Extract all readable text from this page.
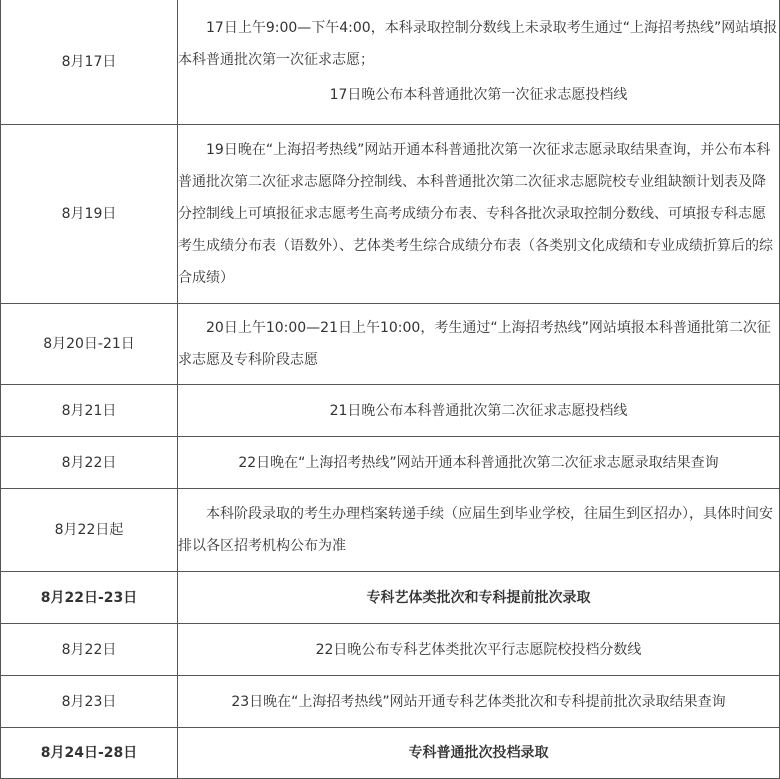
8月17日	17日上午9:00—下午4:00，本科录取控制分数线上未录取考生通过“上海招考热线”网站填报本科普通批次第一次征求志愿；
17日晚公布本科普通批次第一次征求志愿投档线

8月19日	19日晚在“上海招考热线”网站开通本科普通批次第一次征求志愿录取结果查询，并公布本科普通批次第二次征求志愿降分控制线、本科普通批次第二次征求志愿院校专业组缺额计划表及降分控制线上可填报征求志愿考生高考成绩分布表、专科各批次录取控制分数线、可填报专科志愿考生成绩分布表（语数外）、艺体类考生综合成绩分布表（各类别文化成绩和专业成绩折算后的综合成绩）

8月20日-21日	20日上午10:00—21日上午10:00，考生通过“上海招考热线”网站填报本科普通批第二次征求志愿及专科阶段志愿

8月21日	21日晚公布本科普通批次第二次征求志愿投档线
8月22日	22日晚在“上海招考热线”网站开通本科普通批次第二次征求志愿录取结果查询
8月22日起	本科阶段录取的考生办理档案转递手续（应届生到毕业学校，往届生到区招办），具体时间安排以各区招考机构公布为准

8月22日-23日	专科艺体类批次和专科提前批次录取
8月22日	22日晚公布专科艺体类批次平行志愿院校投档分数线
8月23日	23日晚在“上海招考热线”网站开通专科艺体类批次和专科提前批次录取结果查询
8月24日-28日	专科普通批次投档录取
